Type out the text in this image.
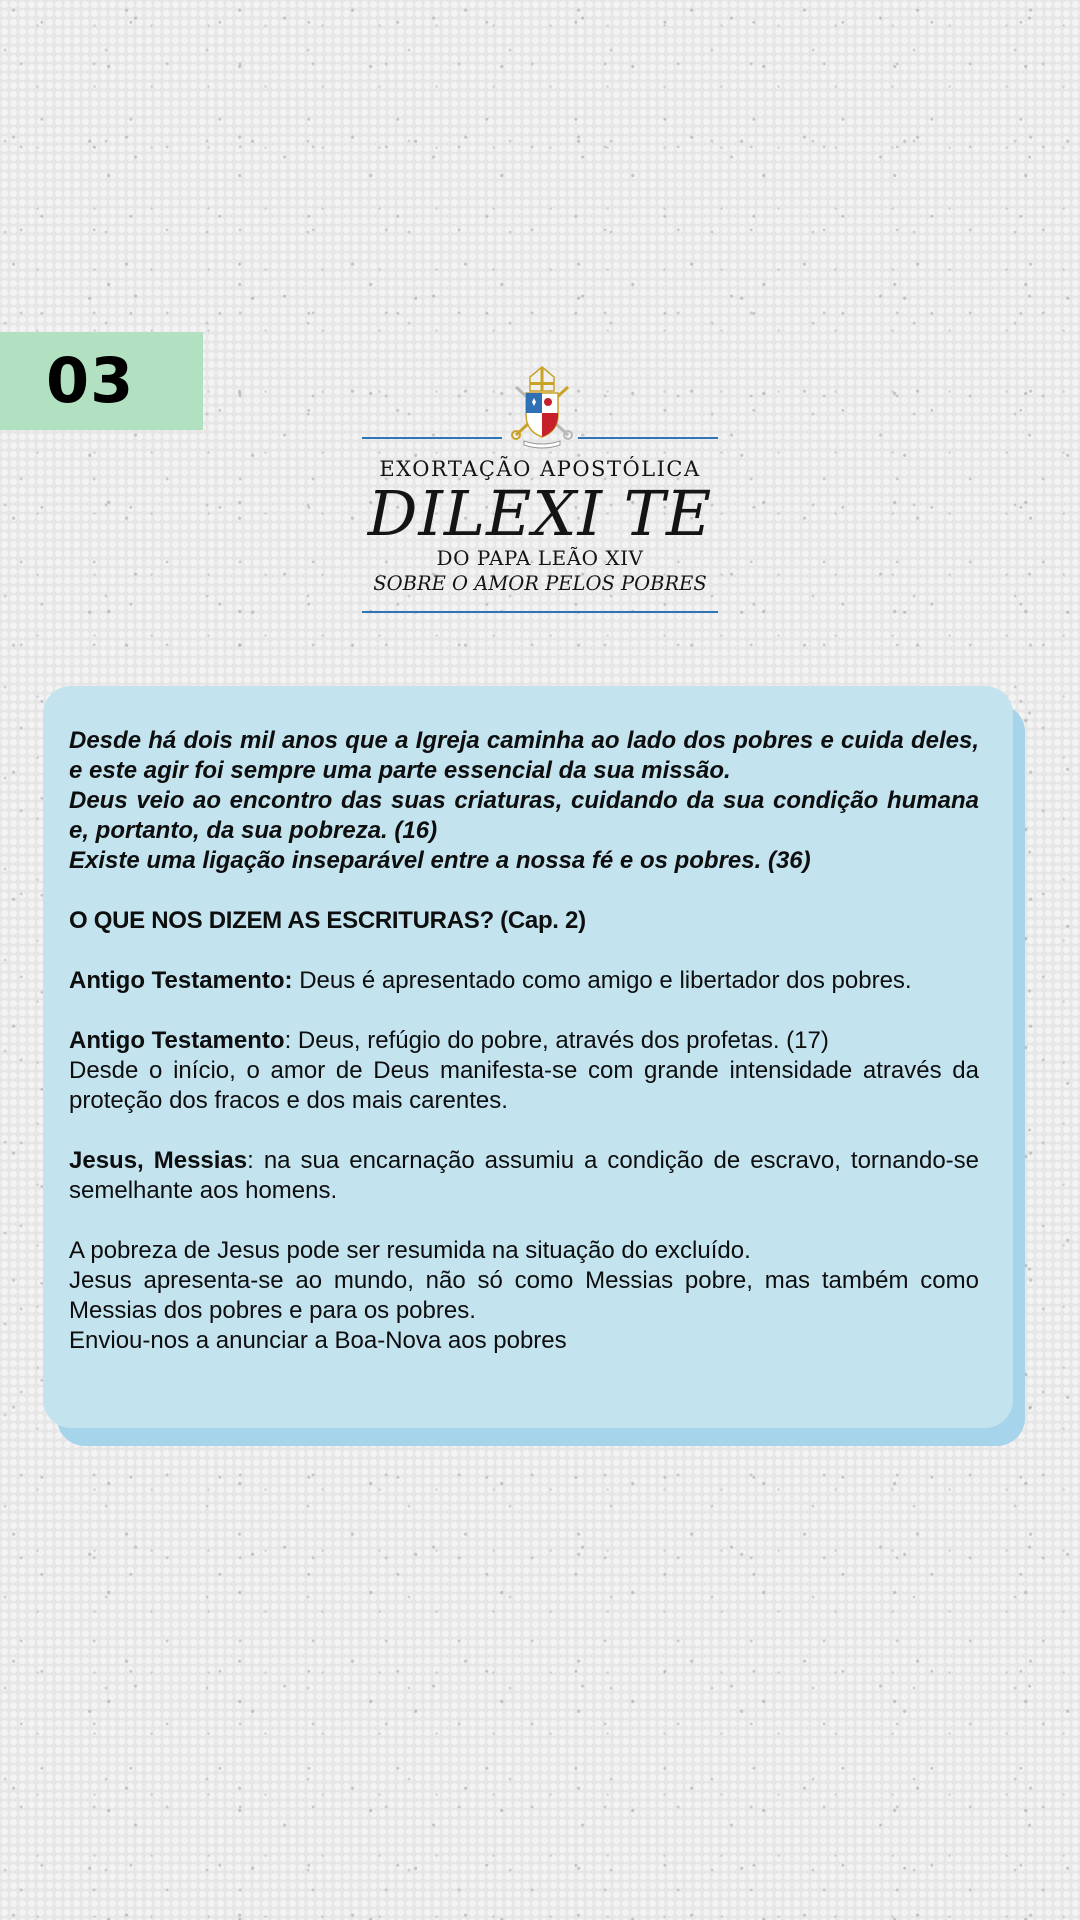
03
EXORTAÇÃO APOSTÓLICA
DILEXI TE
DO PAPA LEÃO XIV
SOBRE O AMOR PELOS POBRES

Desde há dois mil anos que a Igreja caminha ao lado dos pobres e cuida deles, e este agir foi sempre uma parte essencial da sua missão.

Deus veio ao encontro das suas criaturas, cuidando da sua condição humana e, portanto, da sua pobreza. (16)

Existe uma ligação inseparável entre a nossa fé e os pobres. (36)

O QUE NOS DIZEM AS ESCRITURAS? (Cap. 2)

Antigo Testamento: Deus é apresentado como amigo e libertador dos pobres.

Antigo Testamento: Deus, refúgio do pobre, através dos profetas. (17)

Desde o início, o amor de Deus manifesta-se com grande intensidade através da proteção dos fracos e dos mais carentes.

Jesus, Messias: na sua encarnação assumiu a condição de escravo, tornando-se semelhante aos homens.

A pobreza de Jesus pode ser resumida na situação do excluído.

Jesus apresenta-se ao mundo, não só como Messias pobre, mas também como Messias dos pobres e para os pobres.

Enviou-nos a anunciar a Boa-Nova aos pobres
